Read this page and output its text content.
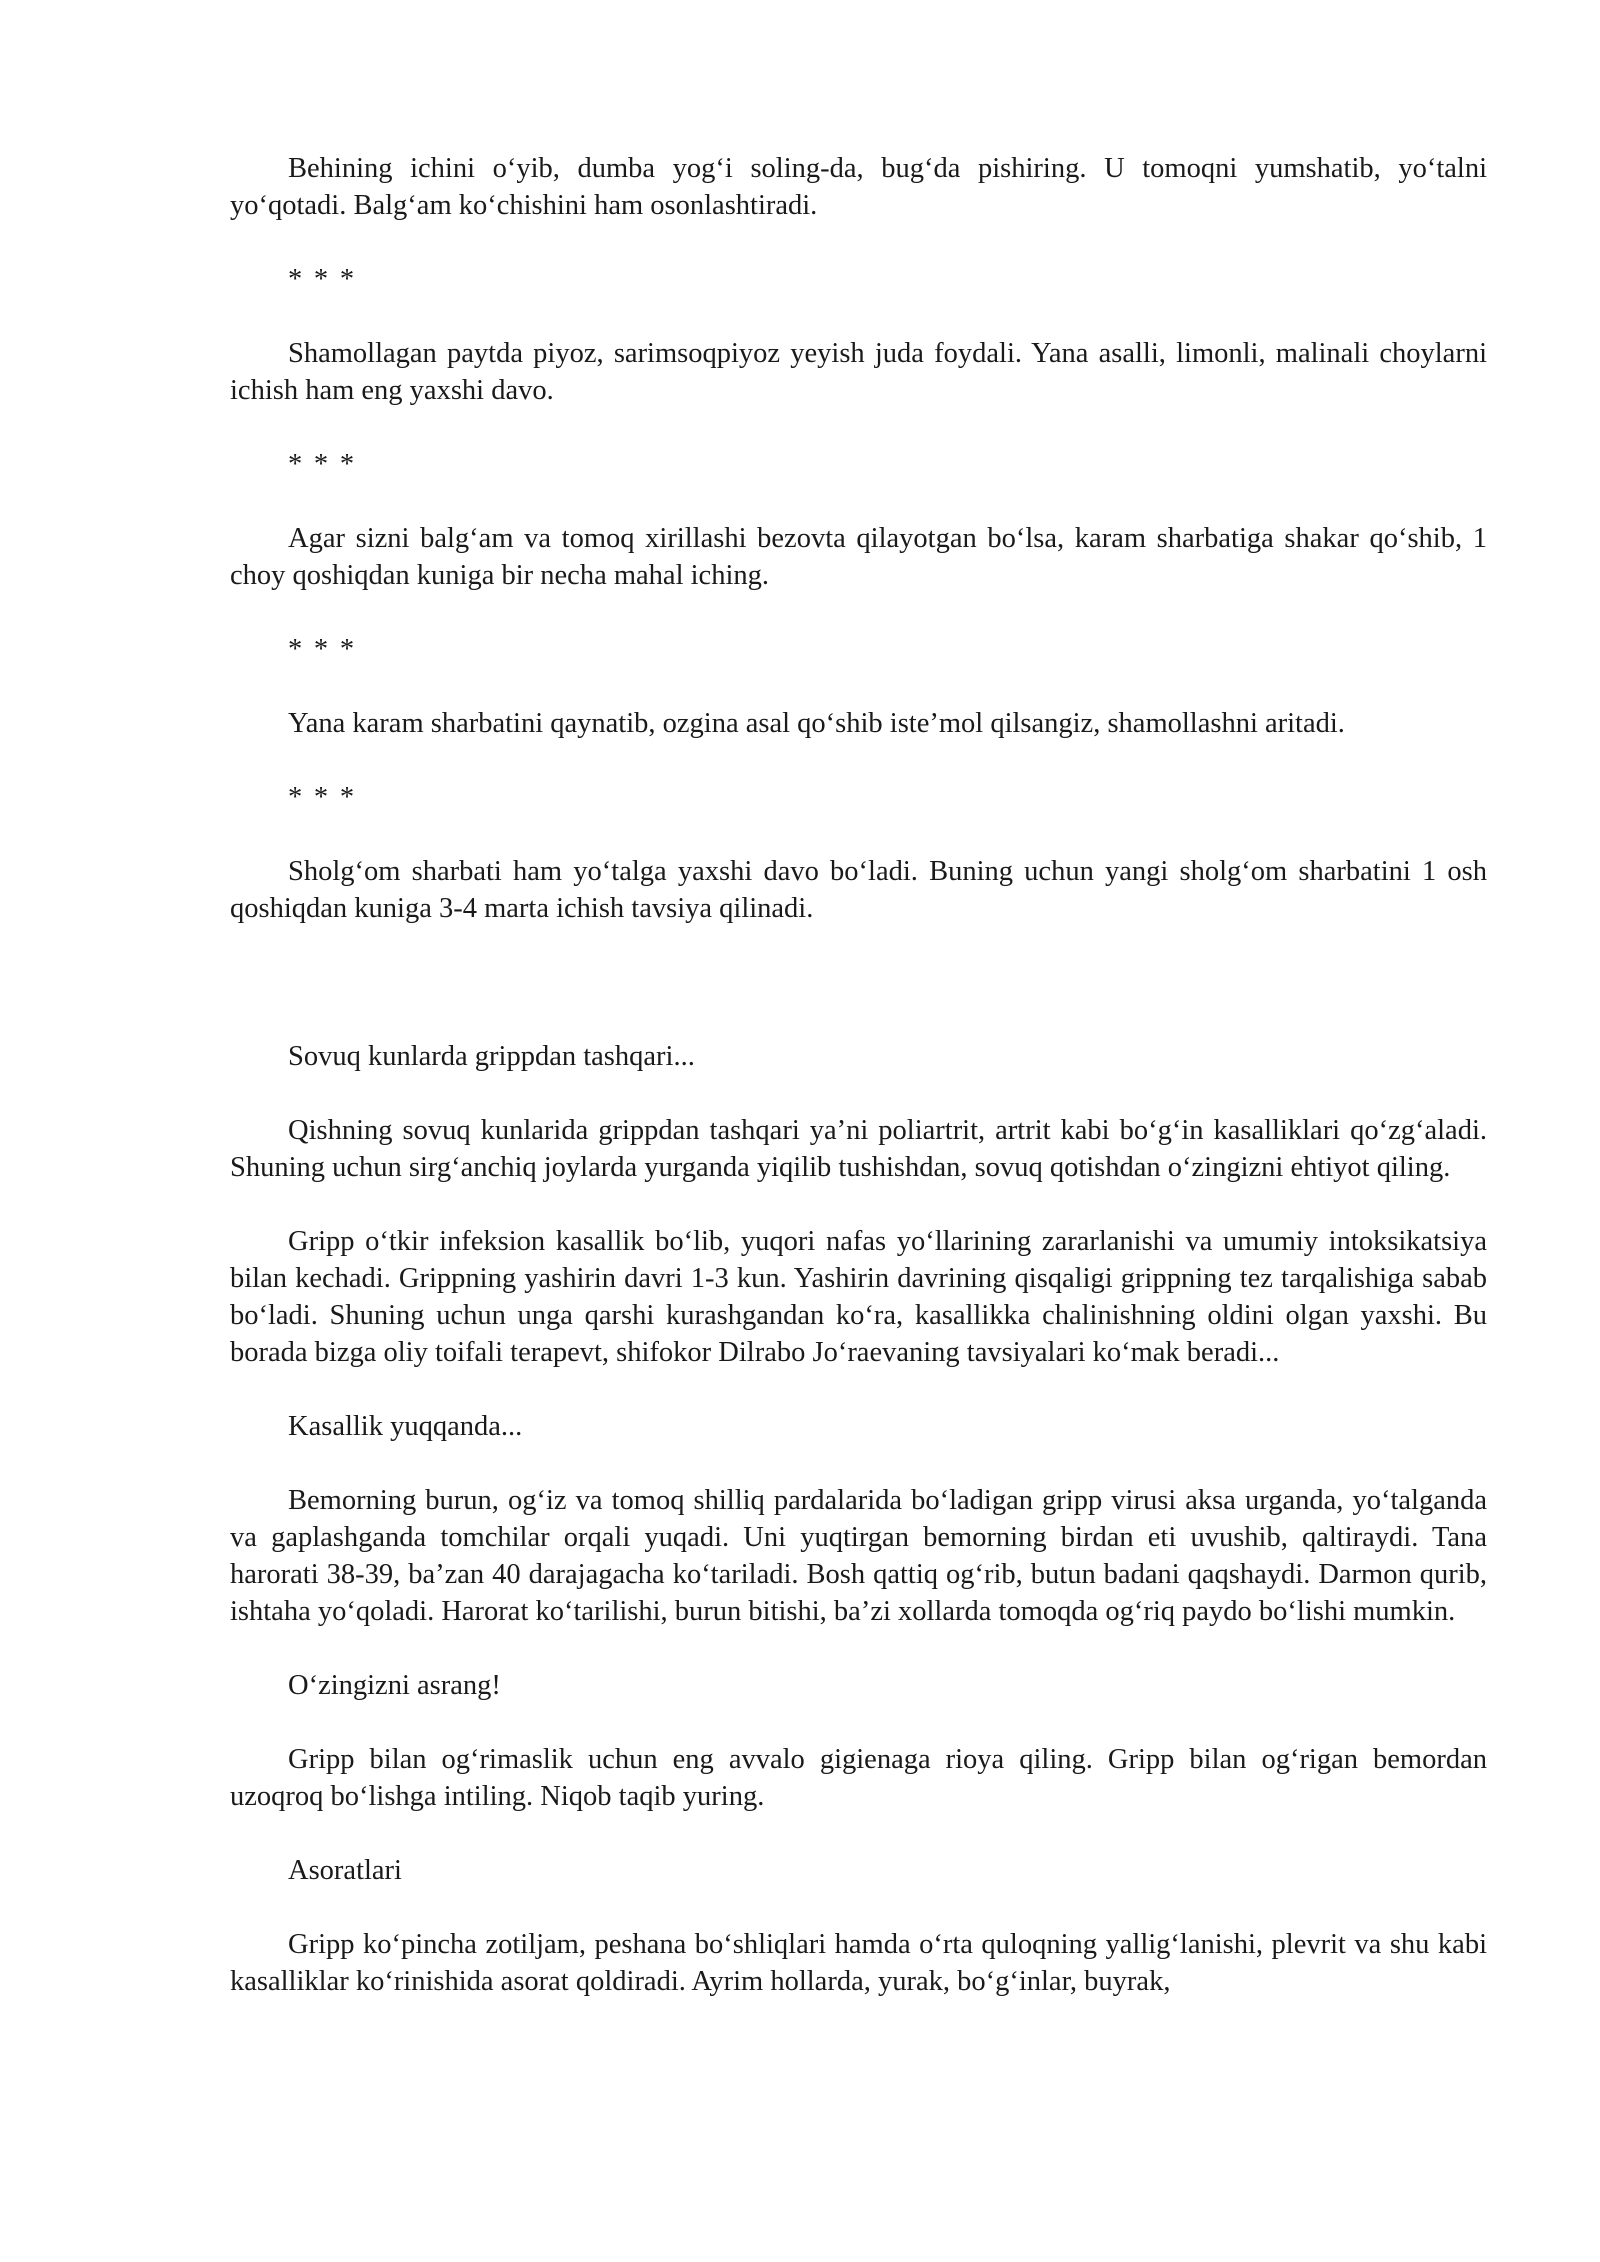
Behining ichini o‘yib, dumba yog‘i soling-da, bug‘da pishiring. U tomoqni yumshatib, yo‘talni yo‘qotadi. Balg‘am ko‘chishini ham osonlashtiradi.

* * *

Shamollagan paytda piyoz, sarimsoqpiyoz yeyish juda foydali. Yana asalli, limonli, malinali choylarni ichish ham eng yaxshi davo.

* * *

Agar sizni balg‘am va tomoq xirillashi bezovta qilayotgan bo‘lsa, karam sharbatiga shakar qo‘shib, 1 choy qoshiqdan kuniga bir necha mahal iching.

* * *

Yana karam sharbatini qaynatib, ozgina asal qo‘shib iste’mol qilsangiz, shamollashni aritadi.

* * *

Sholg‘om sharbati ham yo‘talga yaxshi davo bo‘ladi. Buning uchun yangi sholg‘om sharbatini 1 osh qoshiqdan kuniga 3-4 marta ichish tavsiya qilinadi.

Sovuq kunlarda grippdan tashqari...

Qishning sovuq kunlarida grippdan tashqari ya’ni poliartrit, artrit kabi bo‘g‘in kasalliklari qo‘zg‘aladi. Shuning uchun sirg‘anchiq joylarda yurganda yiqilib tushishdan, sovuq qotishdan o‘zingizni ehtiyot qiling.

Gripp o‘tkir infeksion kasallik bo‘lib, yuqori nafas yo‘llarining zararlanishi va umumiy intoksikatsiya bilan kechadi. Grippning yashirin davri 1-3 kun. Yashirin davrining qisqaligi grippning tez tarqalishiga sabab bo‘ladi. Shuning uchun unga qarshi kurashgandan ko‘ra, kasallikka chalinishning oldini olgan yaxshi. Bu borada bizga oliy toifali terapevt, shifokor Dilrabo Jo‘raevaning tavsiyalari ko‘mak beradi...

Kasallik yuqqanda...

Bemorning burun, og‘iz va tomoq shilliq pardalarida bo‘ladigan gripp virusi aksa urganda, yo‘talganda va gaplashganda tomchilar orqali yuqadi. Uni yuqtirgan bemorning birdan eti uvushib, qaltiraydi. Tana harorati 38-39, ba’zan 40 darajagacha ko‘tariladi. Bosh qattiq og‘rib, butun badani qaqshaydi. Darmon qurib, ishtaha yo‘qoladi. Harorat ko‘tarilishi, burun bitishi, ba’zi xollarda tomoqda og‘riq paydo bo‘lishi mumkin.

O‘zingizni asrang!

Gripp bilan og‘rimaslik uchun eng avvalo gigienaga rioya qiling. Gripp bilan og‘rigan bemordan uzoqroq bo‘lishga intiling. Niqob taqib yuring.

Asoratlari

Gripp ko‘pincha zotiljam, peshana bo‘shliqlari hamda o‘rta quloqning yallig‘lanishi, plevrit va shu kabi kasalliklar ko‘rinishida asorat qoldiradi. Ayrim hollarda, yurak, bo‘g‘inlar, buyrak,
